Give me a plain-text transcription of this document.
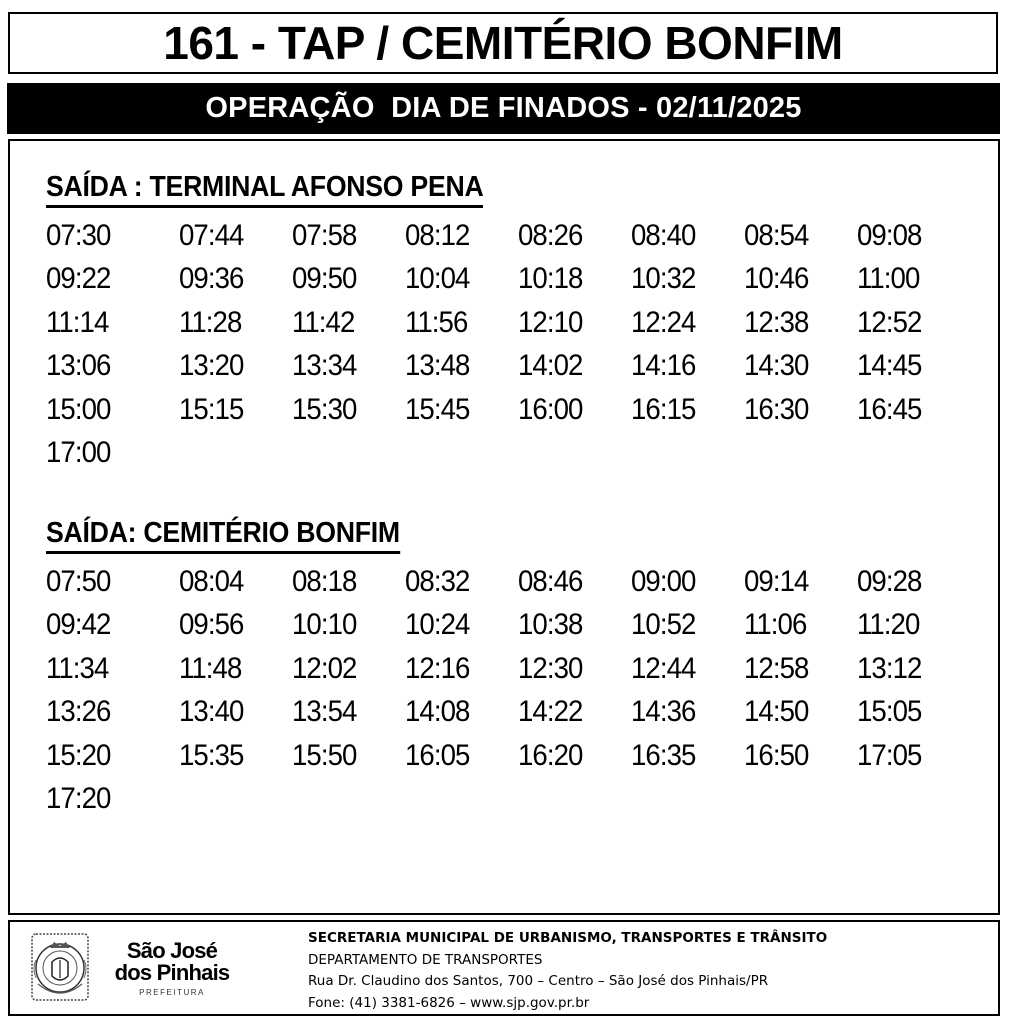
161 - TAP / CEMITÉRIO BONFIM
OPERAÇÃO  DIA DE FINADOS - 02/11/2025
SAÍDA : TERMINAL AFONSO PENA
07:30	07:44	07:58	08:12	08:26	08:40	08:54	09:08
09:22	09:36	09:50	10:04	10:18	10:32	10:46	11:00
11:14	11:28	11:42	11:56	12:10	12:24	12:38	12:52
13:06	13:20	13:34	13:48	14:02	14:16	14:30	14:45
15:00	15:15	15:30	15:45	16:00	16:15	16:30	16:45
17:00
SAÍDA: CEMITÉRIO BONFIM
07:50	08:04	08:18	08:32	08:46	09:00	09:14	09:28
09:42	09:56	10:10	10:24	10:38	10:52	11:06	11:20
11:34	11:48	12:02	12:16	12:30	12:44	12:58	13:12
13:26	13:40	13:54	14:08	14:22	14:36	14:50	15:05
15:20	15:35	15:50	16:05	16:20	16:35	16:50	17:05
17:20
São José
dos Pinhais
PREFEITURA
SECRETARIA MUNICIPAL DE URBANISMO, TRANSPORTES E TRÂNSITO
DEPARTAMENTO DE TRANSPORTES
Rua Dr. Claudino dos Santos, 700 – Centro – São José dos Pinhais/PR
Fone: (41) 3381-6826 – www.sjp.gov.pr.br
